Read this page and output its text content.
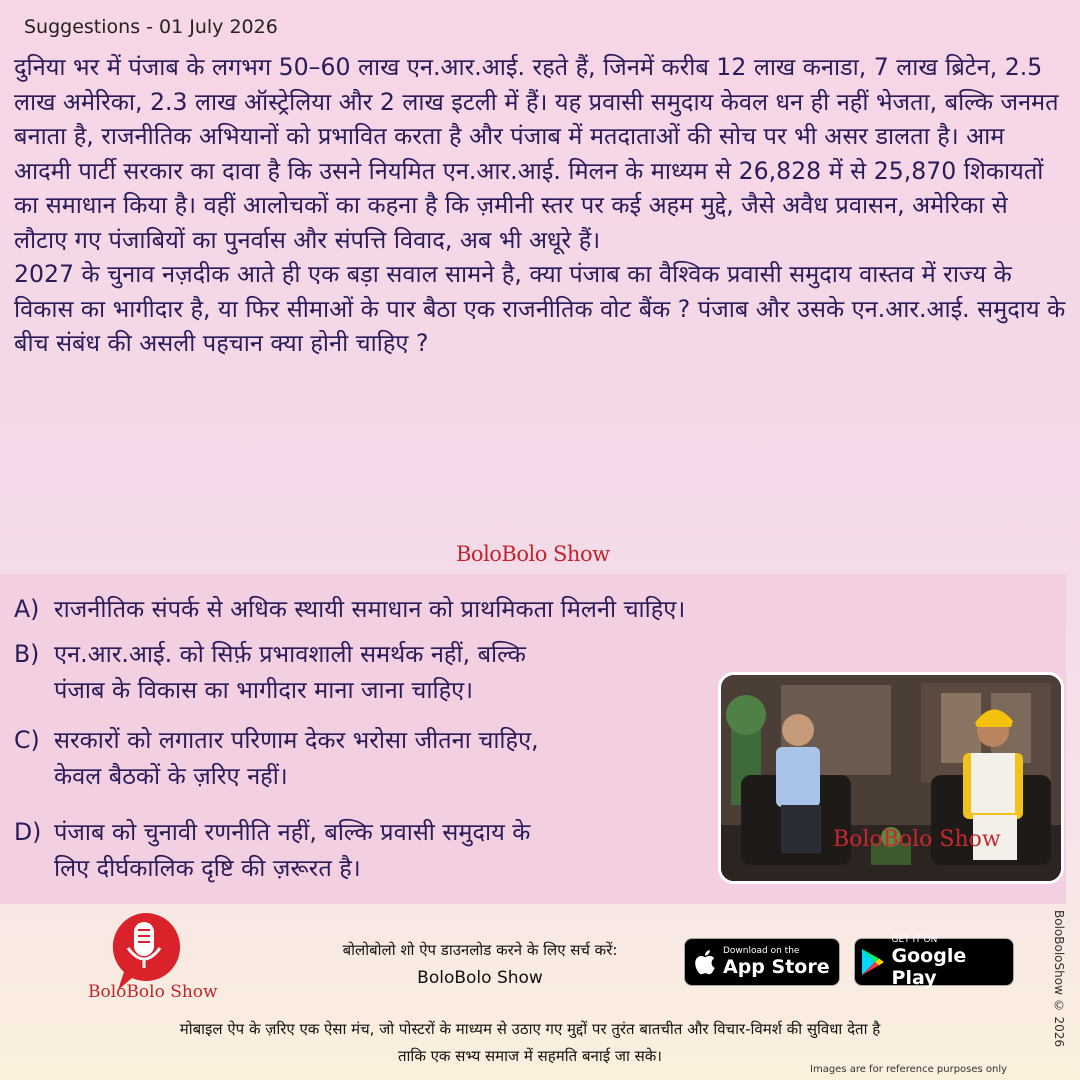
Suggestions - 01 July 2026

दुनिया भर में पंजाब के लगभग 50–60 लाख एन.आर.आई. रहते हैं, जिनमें करीब 12 लाख कनाडा, 7 लाख ब्रिटेन, 2.5 लाख अमेरिका, 2.3 लाख ऑस्ट्रेलिया और 2 लाख इटली में हैं। यह प्रवासी समुदाय केवल धन ही नहीं भेजता, बल्कि जनमत बनाता है, राजनीतिक अभियानों को प्रभावित करता है और पंजाब में मतदाताओं की सोच पर भी असर डालता है। आम आदमी पार्टी सरकार का दावा है कि उसने नियमित एन.आर.आई. मिलन के माध्यम से 26,828 में से 25,870 शिकायतों का समाधान किया है। वहीं आलोचकों का कहना है कि ज़मीनी स्तर पर कई अहम मुद्दे, जैसे अवैध प्रवासन, अमेरिका से लौटाए गए पंजाबियों का पुनर्वास और संपत्ति विवाद, अब भी अधूरे हैं।

2027 के चुनाव नज़दीक आते ही एक बड़ा सवाल सामने है, क्या पंजाब का वैश्विक प्रवासी समुदाय वास्तव में राज्य के विकास का भागीदार है, या फिर सीमाओं के पार बैठा एक राजनीतिक वोट बैंक ? पंजाब और उसके एन.आर.आई. समुदाय के बीच संबंध की असली पहचान क्या होनी चाहिए ?

BoloBolo Show
A) राजनीतिक संपर्क से अधिक स्थायी समाधान को प्राथमिकता मिलनी चाहिए।
B) एन.आर.आई. को सिर्फ़ प्रभावशाली समर्थक नहीं, बल्कि
पंजाब के विकास का भागीदार माना जाना चाहिए।
C) सरकारों को लगातार परिणाम देकर भरोसा जीतना चाहिए,
केवल बैठकों के ज़रिए नहीं।
D) पंजाब को चुनावी रणनीति नहीं, बल्कि प्रवासी समुदाय के
लिए दीर्घकालिक दृष्टि की ज़रूरत है।
BoloBolo Show
BoloBolo Show
बोलोबोलो शो ऐप डाउनलोड करने के लिए सर्च करें:
BoloBolo Show
Download on the
App Store
GET IT ON
Google Play
मोबाइल ऐप के ज़रिए एक ऐसा मंच, जो पोस्टरों के माध्यम से उठाए गए मुद्दों पर तुरंत बातचीत और विचार-विमर्श की सुविधा देता है
ताकि एक सभ्य समाज में सहमति बनाई जा सके।
Images are for reference purposes only
BoloBoloShow © 2026
